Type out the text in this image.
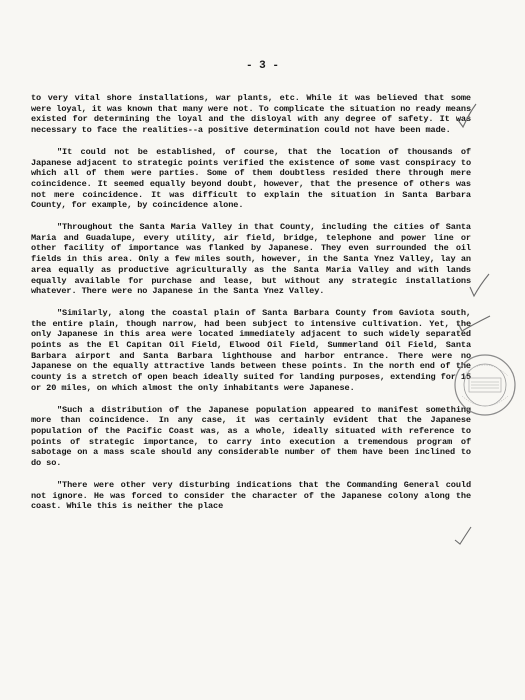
- 3 -

to very vital shore installations, war plants, etc. While it was believed that some were loyal, it was known that many were not. To complicate the situation no ready means existed for determining the loyal and the disloyal with any degree of safety. It was necessary to face the realities--a positive determination could not have been made.

"It could not be established, of course, that the location of thousands of Japanese adjacent to strategic points verified the existence of some vast conspiracy to which all of them were parties. Some of them doubtless resided there through mere coincidence. It seemed equally beyond doubt, however, that the presence of others was not mere coincidence. It was difficult to explain the situation in Santa Barbara County, for example, by coincidence alone.

"Throughout the Santa Maria Valley in that County, including the cities of Santa Maria and Guadalupe, every utility, air field, bridge, telephone and power line or other facility of importance was flanked by Japanese. They even surrounded the oil fields in this area. Only a few miles south, however, in the Santa Ynez Valley, lay an area equally as productive agriculturally as the Santa Maria Valley and with lands equally available for purchase and lease, but without any strategic installations whatever. There were no Japanese in the Santa Ynez Valley.

"Similarly, along the coastal plain of Santa Barbara County from Gaviota south, the entire plain, though narrow, had been subject to intensive cultivation. Yet, the only Japanese in this area were located immediately adjacent to such widely separated points as the El Capitan Oil Field, Elwood Oil Field, Summerland Oil Field, Santa Barbara airport and Santa Barbara lighthouse and harbor entrance. There were no Japanese on the equally attractive lands between these points. In the north end of the county is a stretch of open beach ideally suited for landing purposes, extending for 15 or 20 miles, on which almost the only inhabitants were Japanese.

"Such a distribution of the Japanese population appeared to manifest something more than coincidence. In any case, it was certainly evident that the Japanese population of the Pacific Coast was, as a whole, ideally situated with reference to points of strategic importance, to carry into execution a tremendous program of sabotage on a mass scale should any considerable number of them have been inclined to do so.

"There were other very disturbing indications that the Commanding General could not ignore. He was forced to consider the character of the Japanese colony along the coast. While this is neither the place
